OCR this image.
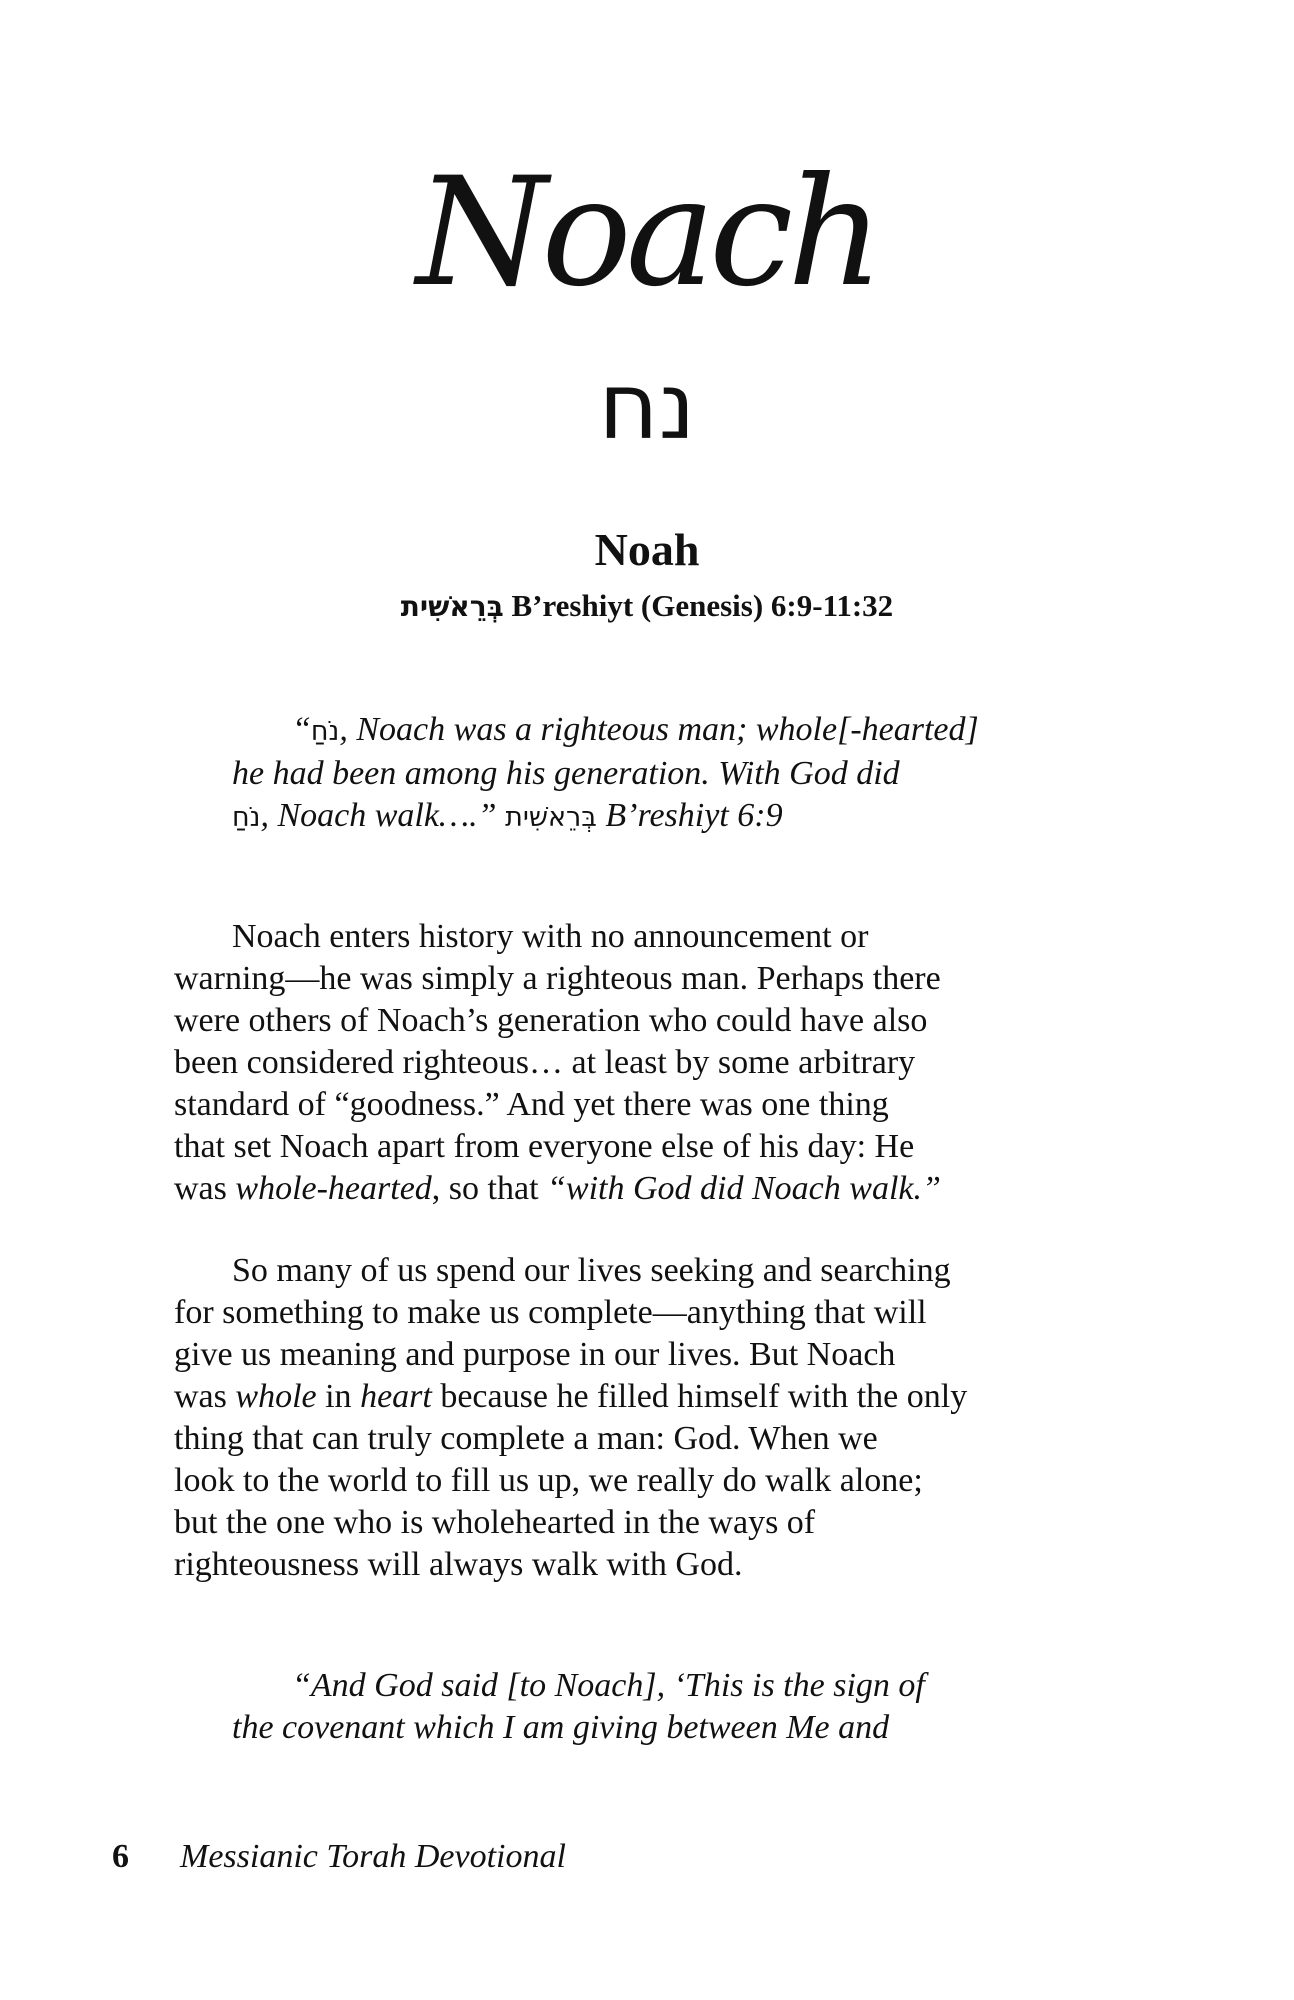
Noach
נח
Noah
בְּרֵאשִׁית B’reshiyt (Genesis) 6:9-11:32
“נֹחַ, Noach was a righteous man; whole[-hearted]
he had been among his generation. With God did
נֹחַ, Noach walk….” בְּרֵאשִׁית B’reshiyt 6:9
Noach enters history with no announcement or
warning—he was simply a righteous man. Perhaps there
were others of Noach’s generation who could have also
been considered righteous… at least by some arbitrary
standard of “goodness.” And yet there was one thing
that set Noach apart from everyone else of his day: He
was whole-hearted, so that “with God did Noach walk.”
So many of us spend our lives seeking and searching
for something to make us complete—anything that will
give us meaning and purpose in our lives. But Noach
was whole in heart because he filled himself with the only
thing that can truly complete a man: God. When we
look to the world to fill us up, we really do walk alone;
but the one who is wholehearted in the ways of
righteousness will always walk with God.
“And God said [to Noach], ‘This is the sign of
the covenant which I am giving between Me and
6 Messianic Torah Devotional
